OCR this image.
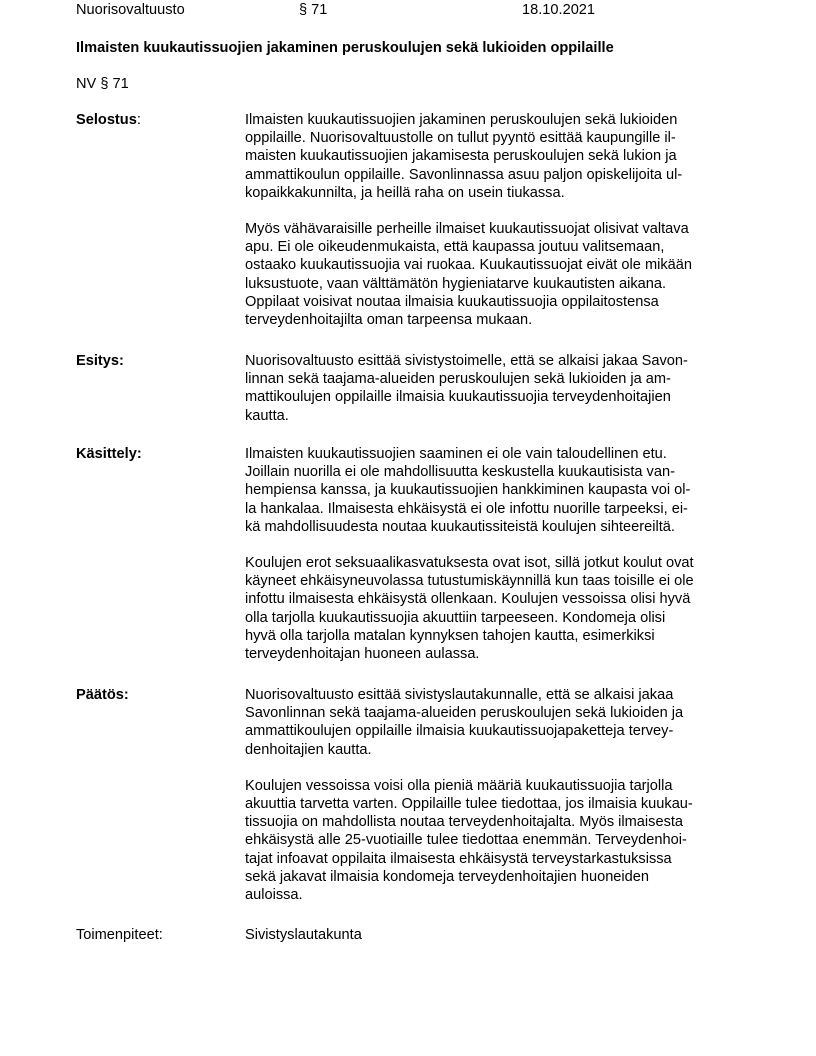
Nuorisovaltuusto	§ 71	18.10.2021
Ilmaisten kuukautissuojien jakaminen peruskoulujen sekä lukioiden oppilaille
NV § 71
Selostus:	Ilmaisten kuukautissuojien jakaminen peruskoulujen sekä lukioiden
oppilaille. Nuorisovaltuustolle on tullut pyyntö esittää kaupungille il-
maisten kuukautissuojien jakamisesta peruskoulujen sekä lukion ja
ammattikoulun oppilaille. Savonlinnassa asuu paljon opiskelijoita ul-
kopaikkakunnilta, ja heillä raha on usein tiukassa.

Myös vähävaraisille perheille ilmaiset kuukautissuojat olisivat valtava
apu. Ei ole oikeudenmukaista, että kaupassa joutuu valitsemaan,
ostaako kuukautissuojia vai ruokaa. Kuukautissuojat eivät ole mikään
luksustuote, vaan välttämätön hygieniatarve kuukautisten aikana.
Oppilaat voisivat noutaa ilmaisia kuukautissuojia oppilaitostensa
terveydenhoitajilta oman tarpeensa mukaan.

Esitys:	Nuorisovaltuusto esittää sivistystoimelle, että se alkaisi jakaa Savon-
linnan sekä taajama-alueiden peruskoulujen sekä lukioiden ja am-
mattikoulujen oppilaille ilmaisia kuukautissuojia terveydenhoitajien
kautta.

Käsittely:	Ilmaisten kuukautissuojien saaminen ei ole vain taloudellinen etu.
Joillain nuorilla ei ole mahdollisuutta keskustella kuukautisista van-
hempiensa kanssa, ja kuukautissuojien hankkiminen kaupasta voi ol-
la hankalaa. Ilmaisesta ehkäisystä ei ole infottu nuorille tarpeeksi, ei-
kä mahdollisuudesta noutaa kuukautissiteistä koulujen sihteereiltä.

Koulujen erot seksuaalikasvatuksesta ovat isot, sillä jotkut koulut ovat
käyneet ehkäisyneuvolassa tutustumiskäynnillä kun taas toisille ei ole
infottu ilmaisesta ehkäisystä ollenkaan. Koulujen vessoissa olisi hyvä
olla tarjolla kuukautissuojia akuuttiin tarpeeseen. Kondomeja olisi
hyvä olla tarjolla matalan kynnyksen tahojen kautta, esimerkiksi
terveydenhoitajan huoneen aulassa.

Päätös:	Nuorisovaltuusto esittää sivistyslautakunnalle, että se alkaisi jakaa
Savonlinnan sekä taajama-alueiden peruskoulujen sekä lukioiden ja
ammattikoulujen oppilaille ilmaisia kuukautissuojapaketteja tervey-
denhoitajien kautta.

Koulujen vessoissa voisi olla pieniä määriä kuukautissuojia tarjolla
akuuttia tarvetta varten. Oppilaille tulee tiedottaa, jos ilmaisia kuukau-
tissuojia on mahdollista noutaa terveydenhoitajalta. Myös ilmaisesta
ehkäisystä alle 25-vuotiaille tulee tiedottaa enemmän. Terveydenhoi-
tajat infoavat oppilaita ilmaisesta ehkäisystä terveystarkastuksissa
sekä jakavat ilmaisia kondomeja terveydenhoitajien huoneiden
auloissa.

Toimenpiteet:	Sivistyslautakunta
